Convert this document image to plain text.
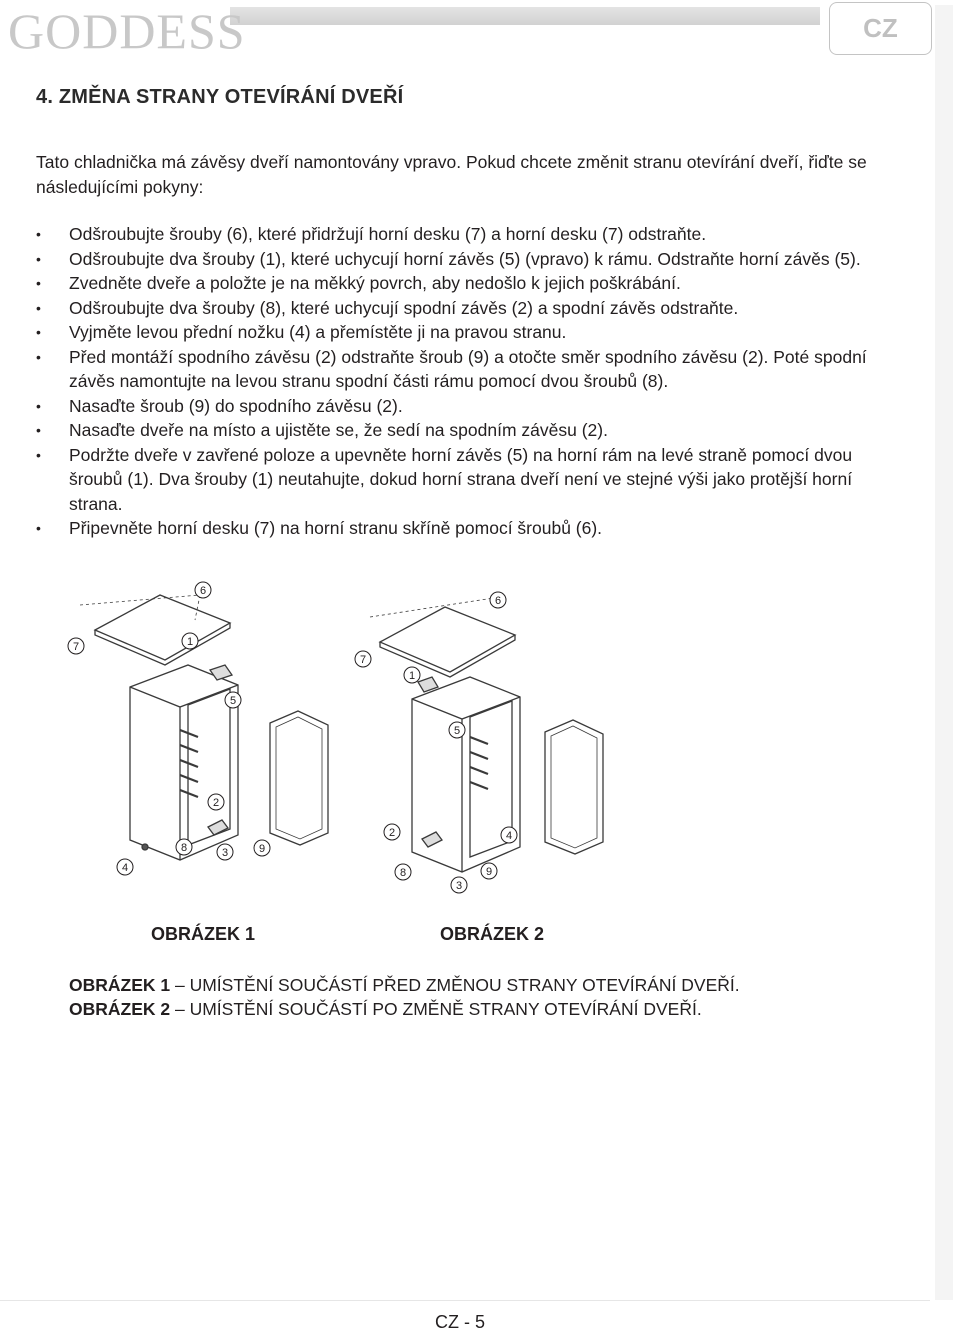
GODDESS	CZ
4. ZMĚNA STRANY OTEVÍRÁNÍ DVEŘÍ
Tato chladnička má závěsy dveří namontovány vpravo. Pokud chcete změnit stranu otevírání dveří, řiďte se následujícími pokyny:
• Odšroubujte šrouby (6), které přidržují horní desku (7) a horní desku (7) odstraňte.
• Odšroubujte dva šrouby (1), které uchycují horní závěs (5) (vpravo) k rámu. Odstraňte horní závěs (5).
• Zvedněte dveře a položte je na měkký povrch, aby nedošlo k jejich poškrábání.
• Odšroubujte dva šrouby (8), které uchycují spodní závěs (2) a spodní závěs odstraňte.
• Vyjměte levou přední nožku (4) a přemístěte ji na pravou stranu.
• Před montáží spodního závěsu (2) odstraňte šroub (9) a otočte směr spodního závěsu (2). Poté spodní závěs namontujte na levou stranu spodní části rámu pomocí dvou šroubů (8).
• Nasaďte šroub (9) do spodního závěsu (2).
• Nasaďte dveře na místo a ujistěte se, že sedí na spodním závěsu (2).
• Podržte dveře v zavřené poloze a upevněte horní závěs (5) na horní rám na levé straně pomocí dvou šroubů (1). Dva šrouby (1) neutahujte, dokud horní strana dveří není ve stejné výši jako protější horní strana.
• Připevněte horní desku (7) na horní stranu skříně pomocí šroubů (6).
6
7	1
5
2
4
8	3	9
6
7
1
5
2	4
8	9
3
OBRÁZEK 1	OBRÁZEK 2
OBRÁZEK 1 – UMÍSTĚNÍ SOUČÁSTÍ PŘED ZMĚNOU STRANY OTEVÍRÁNÍ DVEŘÍ.
OBRÁZEK 2 – UMÍSTĚNÍ SOUČÁSTÍ PO ZMĚNĚ STRANY OTEVÍRÁNÍ DVEŘÍ.
CZ - 5
